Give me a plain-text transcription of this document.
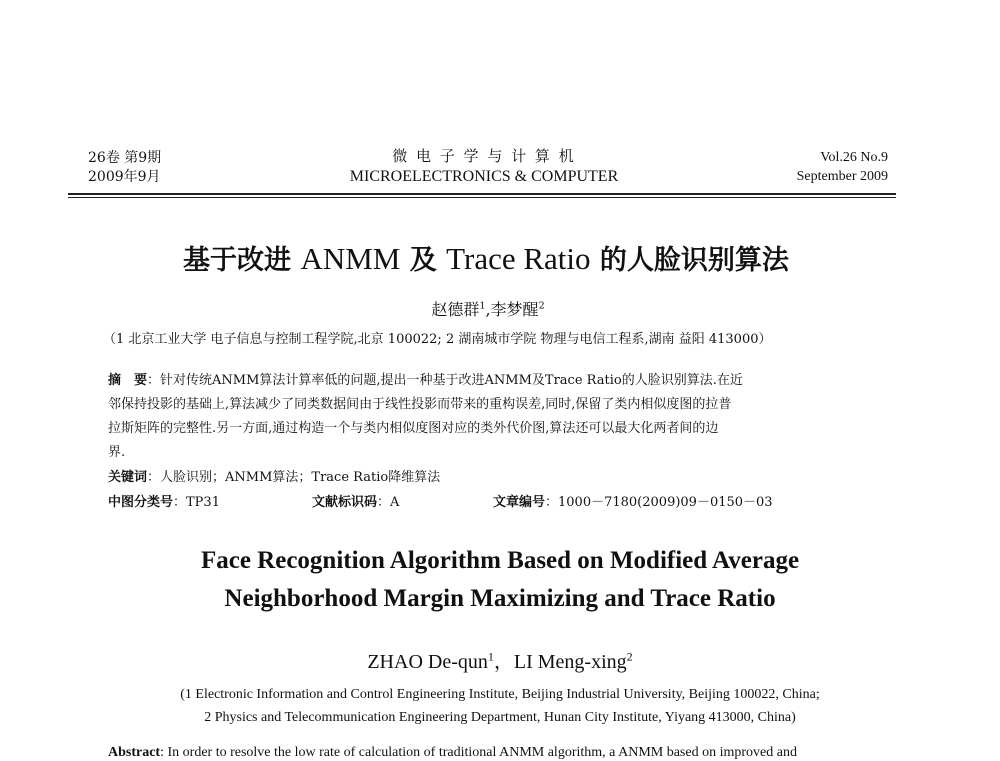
26卷 第9期
2009年9月
微 电 子 学 与 计 算 机
MICROELECTRONICS & COMPUTER
Vol.26 No.9
September 2009
基于改进 ANMM 及 Trace Ratio 的人脸识别算法
赵德群$^1$,李梦醒$^2$
（1 北京工业大学 电子信息与控制工程学院,北京 100022; 2 湖南城市学院 物理与电信工程系,湖南 益阳 413000）
摘　要：针对传统ANMM算法计算率低的问题,提出一种基于改进ANMM及Trace Ratio的人脸识别算法.在近
邻保持投影的基础上,算法减少了同类数据间由于线性投影而带来的重构误差,同时,保留了类内相似度图的拉普
拉斯矩阵的完整性.另一方面,通过构造一个与类内相似度图对应的类外代价图,算法还可以最大化两者间的边
界.
关键词：人脸识别；ANMM算法；Trace Ratio降维算法
中图分类号：TP31	文献标识码：A	文章编号：1000－7180(2009)09－0150－03
Face Recognition Algorithm Based on Modified Average
Neighborhood Margin Maximizing and Trace Ratio
ZHAO De-qun$^1$，LI Meng-xing$^2$
(1 Electronic Information and Control Engineering Institute, Beijing Industrial University, Beijing 100022, China;
2 Physics and Telecommunication Engineering Department, Hunan City Institute, Yiyang 413000, China)
Abstract: In order to resolve the low rate of calculation of traditional ANMM algorithm, a ANMM based on improved and
